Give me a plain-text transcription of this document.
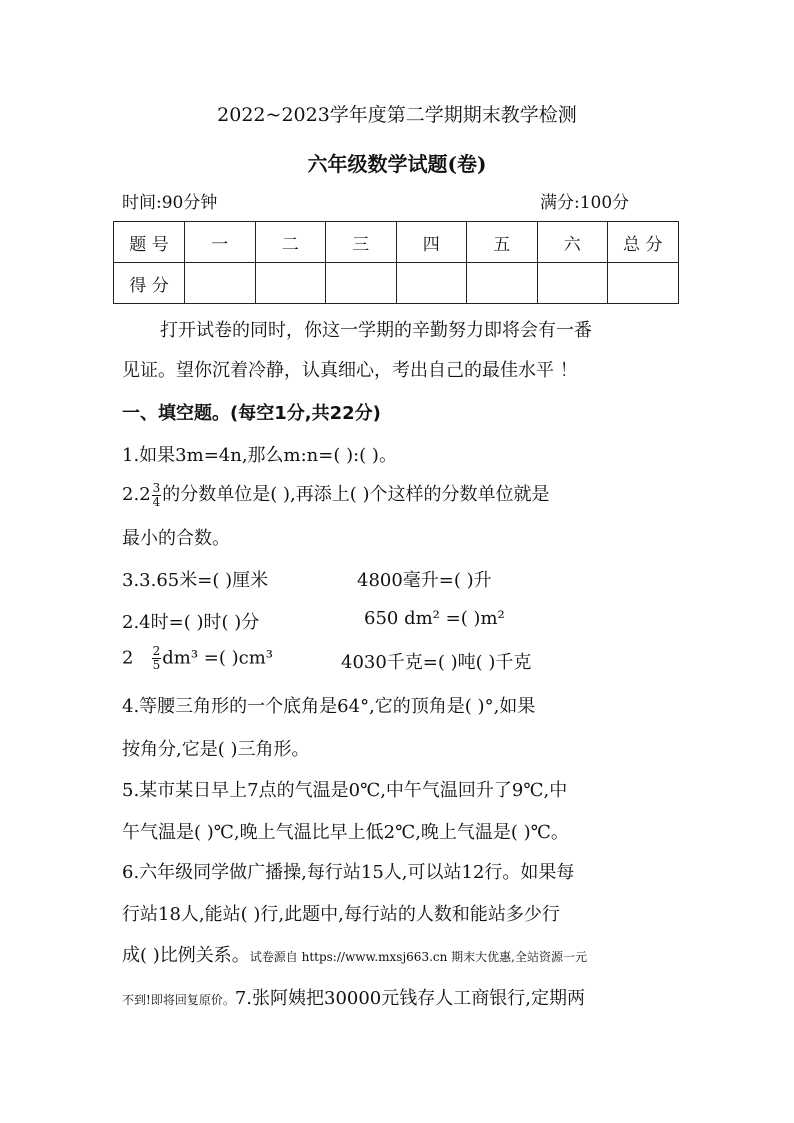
2022~2023学年度第二学期期末教学检测
六年级数学试题(卷)
时间:90分钟	满分:100分
题 号	一	二	三	四	五	六	总 分
得 分							
打开试卷的同时，你这一学期的辛勤努力即将会有一番
见证。望你沉着冷静，认真细心，考出自己的最佳水平 ！
一、填空题。(每空1分,共22分)
1.如果3m=4n,那么m:n=( ):( )。
$2.2 \frac{3}{4}$ 的分数单位是( ),再添上( )个这样的分数单位就是
最小的合数。
3.3.65米=( )厘米	4800毫升=( )升
2.4时=( )时( )分	650 dm² =( )m²
$2 \frac{2}{5} dm^3$ =( )cm³	4030千克=( )吨( )千克
4.等腰三角形的一个底角是64°,它的顶角是( )°,如果
按角分,它是( )三角形。
5.某市某日早上7点的气温是0℃,中午气温回升了9℃,中
午气温是( )℃,晚上气温比早上低2℃,晚上气温是( )℃。
6.六年级同学做广播操,每行站15人,可以站12行。如果每
行站18人,能站( )行,此题中,每行站的人数和能站多少行
成( )比例关系。试卷源自 https://www.mxsj663.cn 期末大优惠,全站资源一元
不到!即将回复原价。7.张阿姨把30000元钱存人工商银行,定期两
